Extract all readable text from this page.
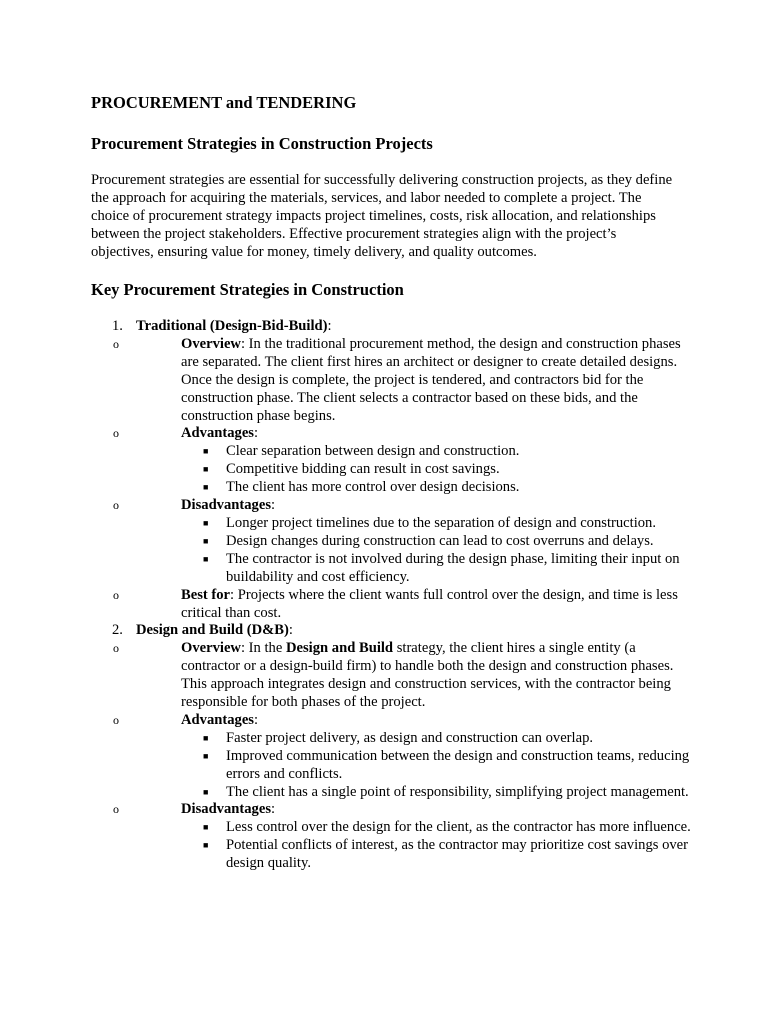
PROCUREMENT and TENDERING
Procurement Strategies in Construction Projects
Procurement strategies are essential for successfully delivering construction projects, as they define the approach for acquiring the materials, services, and labor needed to complete a project. The choice of procurement strategy impacts project timelines, costs, risk allocation, and relationships between the project stakeholders. Effective procurement strategies align with the project’s objectives, ensuring value for money, timely delivery, and quality outcomes.
Key Procurement Strategies in Construction
1. Traditional (Design-Bid-Build):
o	Overview: In the traditional procurement method, the design and construction phases are separated. The client first hires an architect or designer to create detailed designs. Once the design is complete, the project is tendered, and contractors bid for the construction phase. The client selects a contractor based on these bids, and the construction phase begins.
o	Advantages:
■ Clear separation between design and construction.
■ Competitive bidding can result in cost savings.
■ The client has more control over design decisions.
o	Disadvantages:
■ Longer project timelines due to the separation of design and construction.
■ Design changes during construction can lead to cost overruns and delays.
■ The contractor is not involved during the design phase, limiting their input on buildability and cost efficiency.
o	Best for: Projects where the client wants full control over the design, and time is less critical than cost.
2. Design and Build (D&B):
o	Overview: In the Design and Build strategy, the client hires a single entity (a contractor or a design-build firm) to handle both the design and construction phases. This approach integrates design and construction services, with the contractor being responsible for both phases of the project.
o	Advantages:
■ Faster project delivery, as design and construction can overlap.
■ Improved communication between the design and construction teams, reducing errors and conflicts.
■ The client has a single point of responsibility, simplifying project management.
o	Disadvantages:
■ Less control over the design for the client, as the contractor has more influence.
■ Potential conflicts of interest, as the contractor may prioritize cost savings over design quality.
